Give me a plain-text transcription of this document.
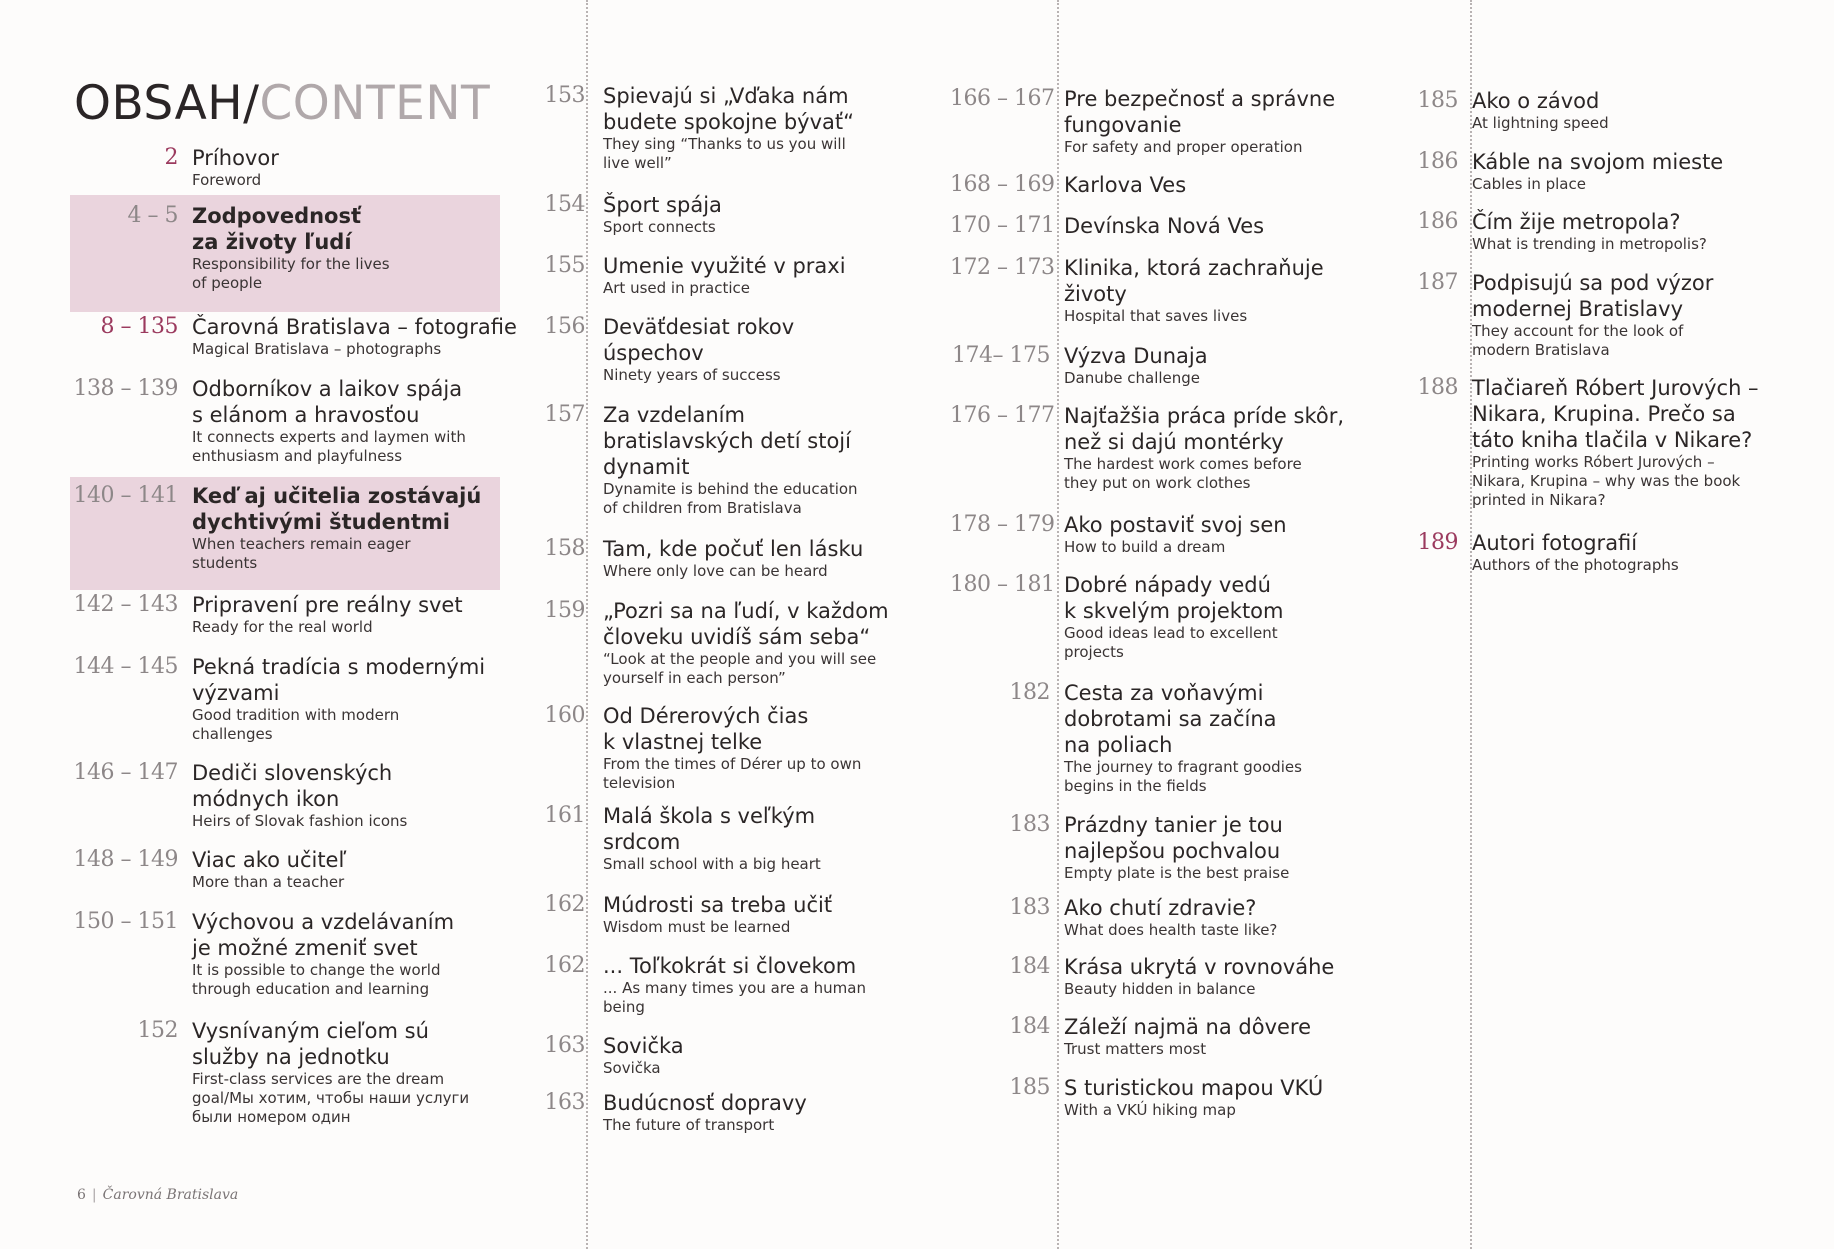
OBSAH/CONTENT
2 Príhovor
Foreword
4 – 5 Zodpovednosť
za životy ľudí
Responsibility for the lives
of people
8 – 135 Čarovná Bratislava – fotografie
Magical Bratislava – photographs
138 – 139 Odborníkov a laikov spája
s elánom a hravosťou
It connects experts and laymen with
enthusiasm and playfulness
140 – 141 Keď aj učitelia zostávajú
dychtivými študentmi
When teachers remain eager
students
142 – 143 Pripravení pre reálny svet
Ready for the real world
144 – 145 Pekná tradícia s modernými
výzvami
Good tradition with modern
challenges
146 – 147 Dediči slovenských
módnych ikon
Heirs of Slovak fashion icons
148 – 149 Viac ako učiteľ
More than a teacher
150 – 151 Výchovou a vzdelávaním
je možné zmeniť svet
It is possible to change the world
through education and learning
152 Vysnívaným cieľom sú
služby na jednotku
First-class services are the dream
goal/Мы хотим, чтобы наши услуги
были номером один
153 Spievajú si „Vďaka nám
budete spokojne bývať“
They sing “Thanks to us you will
live well”
154 Šport spája
Sport connects
155 Umenie využité v praxi
Art used in practice
156 Deväťdesiat rokov
úspechov
Ninety years of success
157 Za vzdelaním
bratislavských detí stojí
dynamit
Dynamite is behind the education
of children from Bratislava
158 Tam, kde počuť len lásku
Where only love can be heard
159 „Pozri sa na ľudí, v každom
človeku uvidíš sám seba“
“Look at the people and you will see
yourself in each person”
160 Od Dérerových čias
k vlastnej telke
From the times of Dérer up to own
television
161 Malá škola s veľkým
srdcom
Small school with a big heart
162 Múdrosti sa treba učiť
Wisdom must be learned
162 ... Toľkokrát si človekom
... As many times you are a human
being
163 Sovička
Sovička
163 Budúcnosť dopravy
The future of transport
166 – 167 Pre bezpečnosť a správne
fungovanie
For safety and proper operation
168 – 169 Karlova Ves
170 – 171 Devínska Nová Ves
172 – 173 Klinika, ktorá zachraňuje
životy
Hospital that saves lives
174– 175 Výzva Dunaja
Danube challenge
176 – 177 Najťažšia práca príde skôr,
než si dajú montérky
The hardest work comes before
they put on work clothes
178 – 179 Ako postaviť svoj sen
How to build a dream
180 – 181 Dobré nápady vedú
k skvelým projektom
Good ideas lead to excellent
projects
182 Cesta za voňavými
dobrotami sa začína
na poliach
The journey to fragrant goodies
begins in the fields
183 Prázdny tanier je tou
najlepšou pochvalou
Empty plate is the best praise
183 Ako chutí zdravie?
What does health taste like?
184 Krása ukrytá v rovnováhe
Beauty hidden in balance
184 Záleží najmä na dôvere
Trust matters most
185 S turistickou mapou VKÚ
With a VKÚ hiking map
185 Ako o závod
At lightning speed
186 Káble na svojom mieste
Cables in place
186 Čím žije metropola?
What is trending in metropolis?
187 Podpisujú sa pod výzor
modernej Bratislavy
They account for the look of
modern Bratislava
188 Tlačiareň Róbert Jurových –
Nikara, Krupina. Prečo sa
táto kniha tlačila v Nikare?
Printing works Róbert Jurových –
Nikara, Krupina – why was the book
printed in Nikara?
189 Autori fotografií
Authors of the photographs
6 | Čarovná Bratislava
